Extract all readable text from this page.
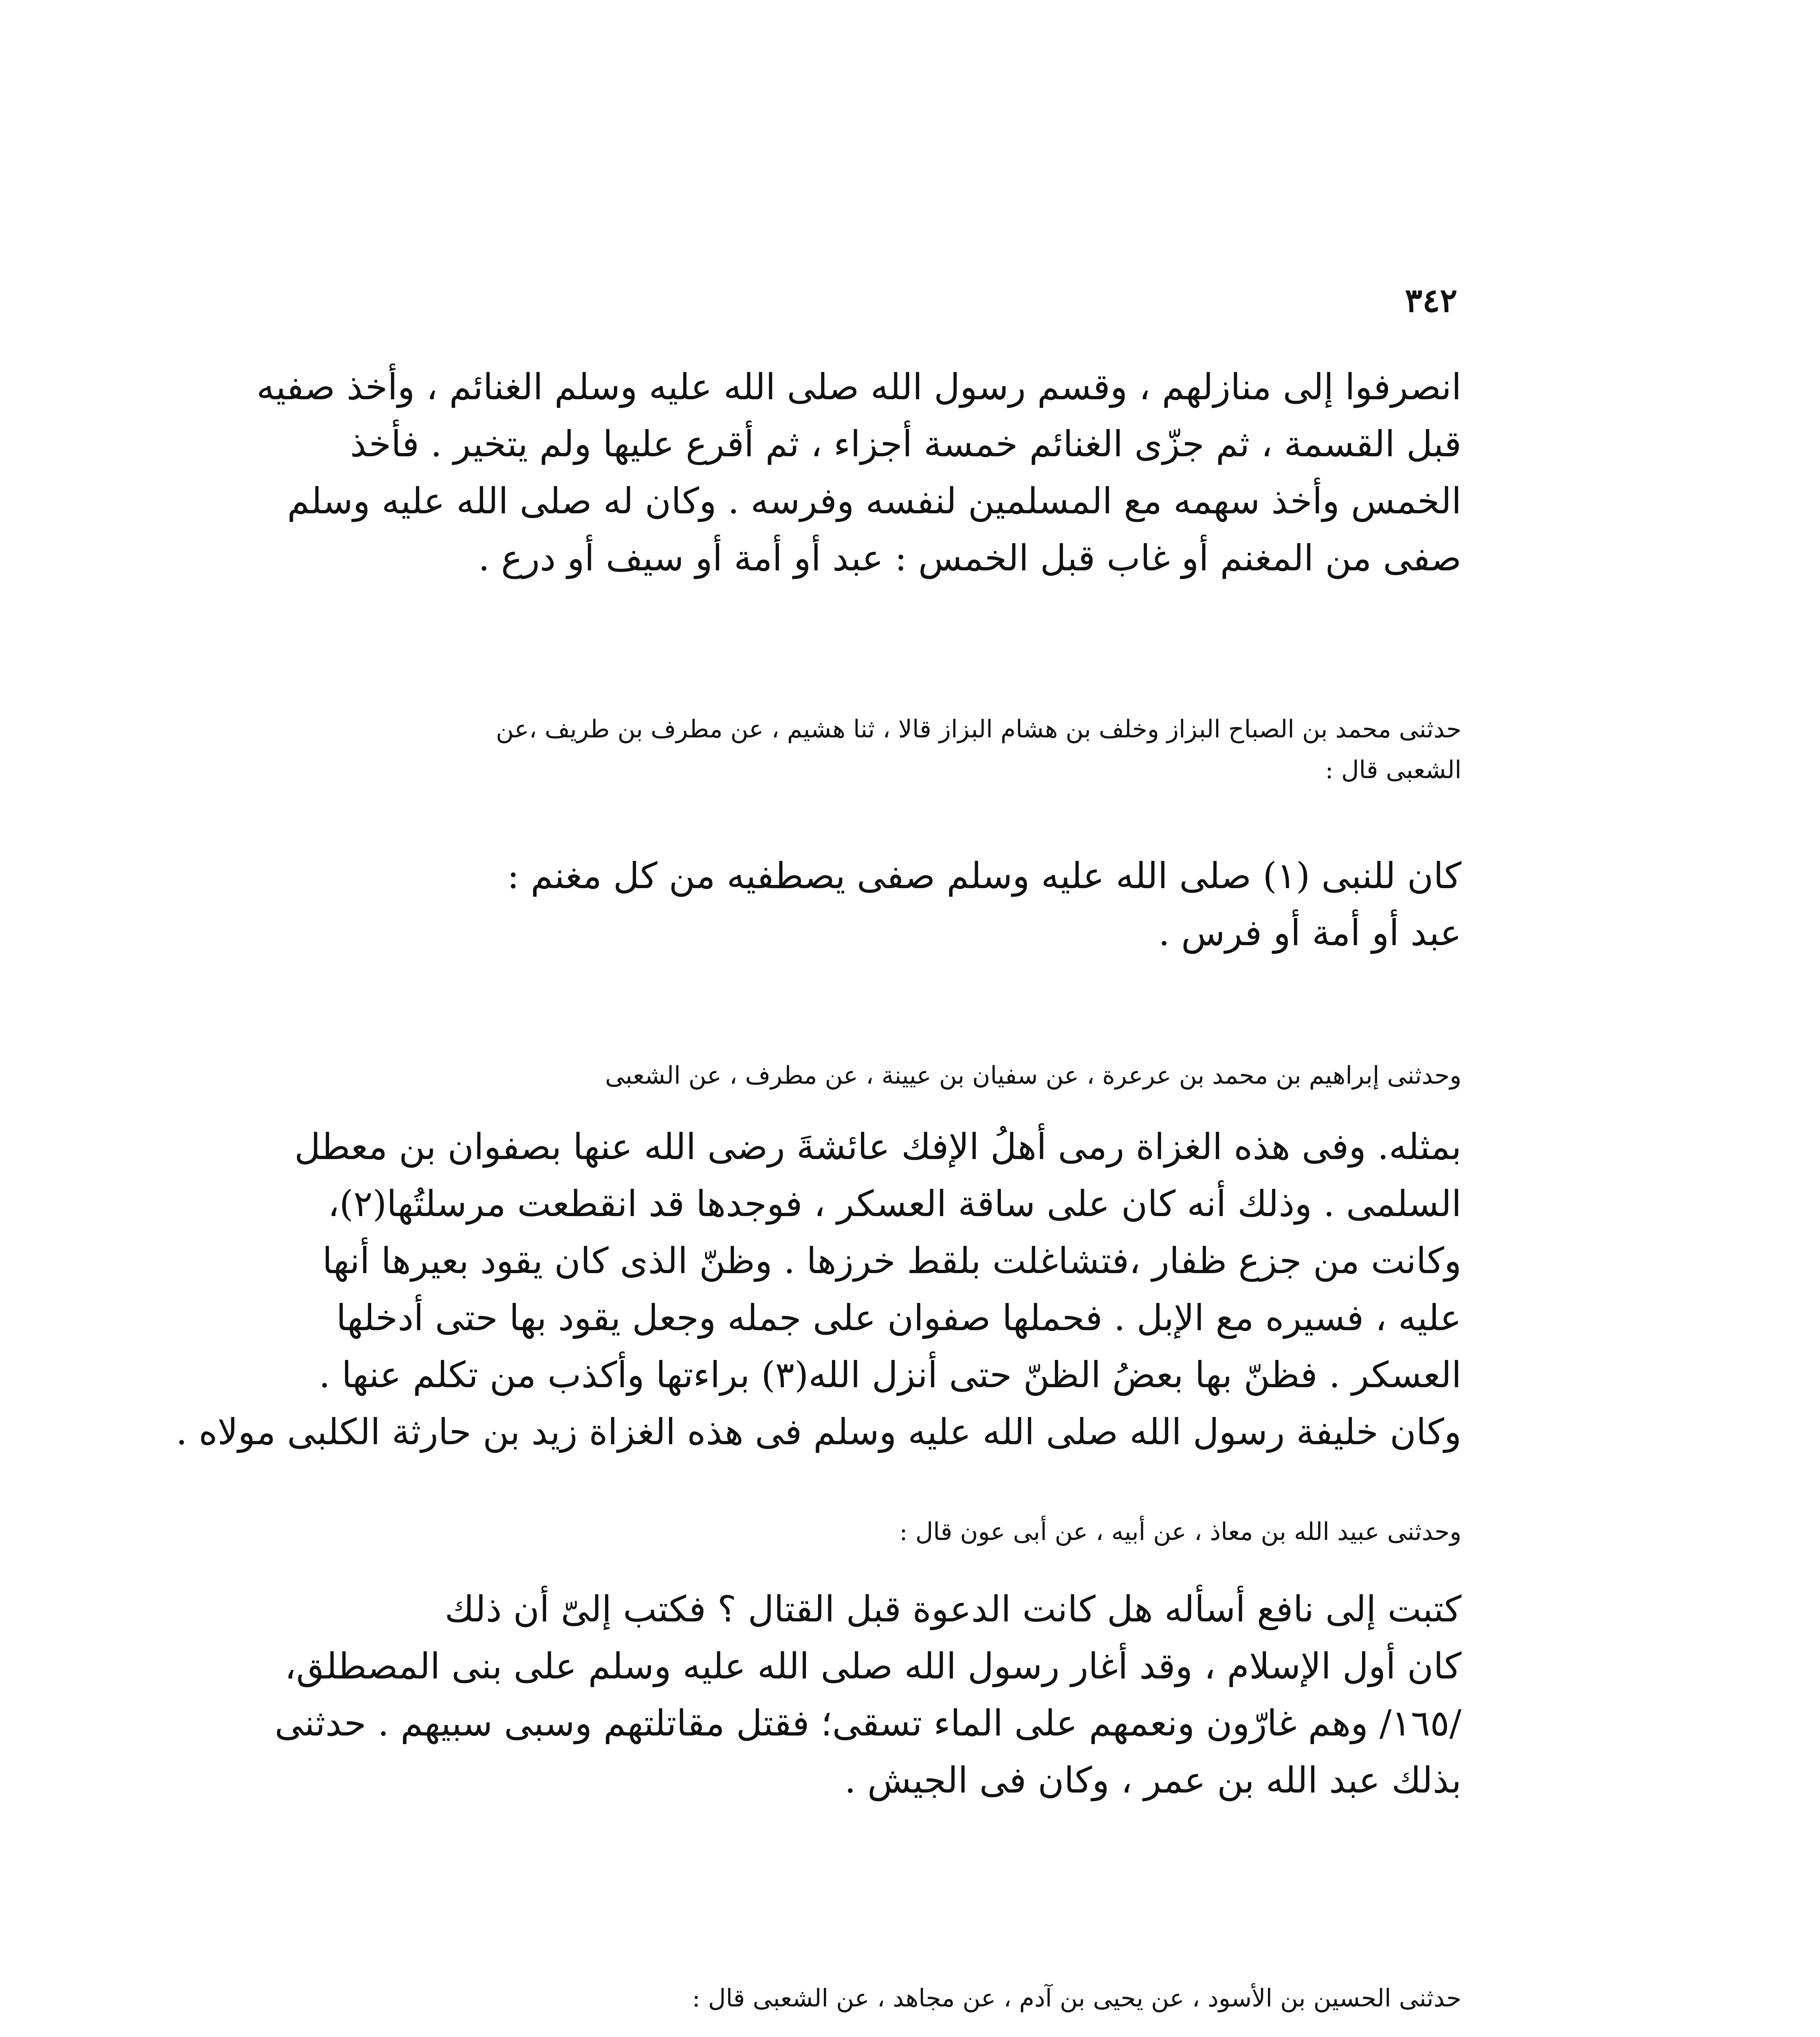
٣٤٢
انصرفوا إلى منازلهم ، وقسم رسول الله صلى الله عليه وسلم الغنائم ، وأخذ صفيه
قبل القسمة ، ثم جزّى الغنائم خمسة أجزاء ، ثم أقرع عليها ولم يتخير . فأخذ
الخمس وأخذ سهمه مع المسلمين لنفسه وفرسه . وكان له صلى الله عليه وسلم
صفى من المغنم أو غاب قبل الخمس : عبد أو أمة أو سيف أو درع .
حدثنى محمد بن الصباح البزاز وخلف بن هشام البزاز قالا ، ثنا هشيم ، عن مطرف بن طريف ،عن
الشعبى قال :
كان للنبى (١) صلى الله عليه وسلم صفى يصطفيه من كل مغنم :
عبد أو أمة أو فرس .
وحدثنى إبراهيم بن محمد بن عرعرة ، عن سفيان بن عيينة ، عن مطرف ، عن الشعبى
بمثله. وفى هذه الغزاة رمى أهلُ الإفك عائشةَ رضى الله عنها بصفوان بن معطل
السلمى . وذلك أنه كان على ساقة العسكر ، فوجدها قد انقطعت مرسلتُها(٢)،
وكانت من جزع ظفار ،فتشاغلت بلقط خرزها . وظنّ الذى كان يقود بعيرها أنها
عليه ، فسيره مع الإبل . فحملها صفوان على جمله وجعل يقود بها حتى أدخلها
العسكر . فظنّ بها بعضُ الظنّ حتى أنزل الله(٣) براءتها وأكذب من تكلم عنها .
وكان خليفة رسول الله صلى الله عليه وسلم فى هذه الغزاة زيد بن حارثة الكلبى مولاه .
وحدثنى عبيد الله بن معاذ ، عن أبيه ، عن أبى عون قال :
كتبت إلى نافع أسأله هل كانت الدعوة قبل القتال ؟ فكتب إلىّ أن ذلك
كان أول الإسلام ، وقد أغار رسول الله صلى الله عليه وسلم على بنى المصطلق،
/١٦٥/ وهم غارّون ونعمهم على الماء تسقى؛ فقتل مقاتلتهم وسبى سبيهم . حدثنى
بذلك عبد الله بن عمر ، وكان فى الجيش .
حدثنى الحسين بن الأسود ، عن يحيى بن آدم ، عن مجاهد ، عن الشعبى قال :
